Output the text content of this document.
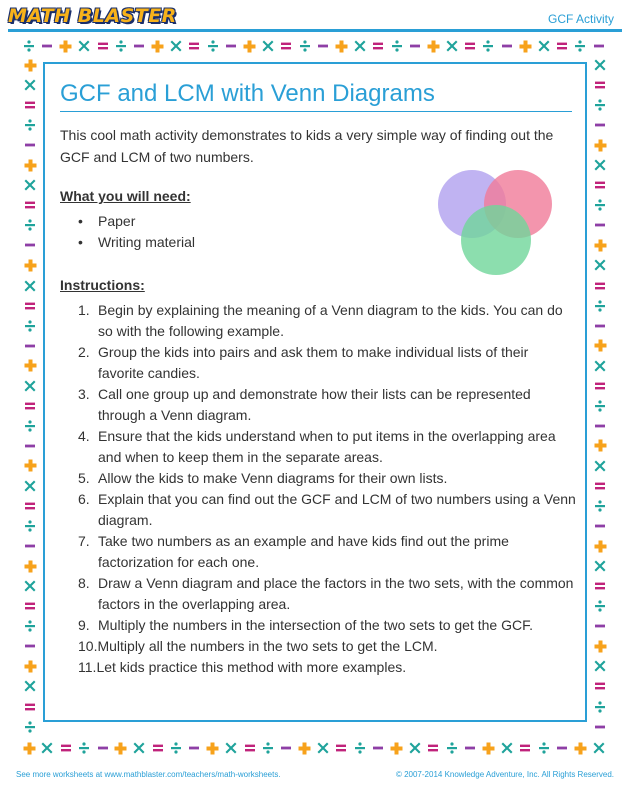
MATH BLASTER	GCF Activity
GCF and LCM with Venn Diagrams

This cool math activity demonstrates to kids a very simple way of finding out the GCF and LCM of two numbers.

What you will need:
• Paper
• Writing material
Instructions:
1. Begin by explaining the meaning of a Venn diagram to the kids. You can do so with the following example.
2. Group the kids into pairs and ask them to make individual lists of their favorite candies.
3. Call one group up and demonstrate how their lists can be represented through a Venn diagram.
4. Ensure that the kids understand when to put items in the overlapping area and when to keep them in the separate areas.
5. Allow the kids to make Venn diagrams for their own lists.
6. Explain that you can find out the GCF and LCM of two numbers using a Venn diagram.
7. Take two numbers as an example and have kids find out the prime factorization for each one.
8. Draw a Venn diagram and place the factors in the two sets, with the common factors in the overlapping area.
9. Multiply the numbers in the intersection of the two sets to get the GCF.
10. Multiply all the numbers in the two sets to get the LCM.
11. Let kids practice this method with more examples.
See more worksheets at www.mathblaster.com/teachers/math-worksheets.	© 2007-2014 Knowledge Adventure, Inc. All Rights Reserved.
